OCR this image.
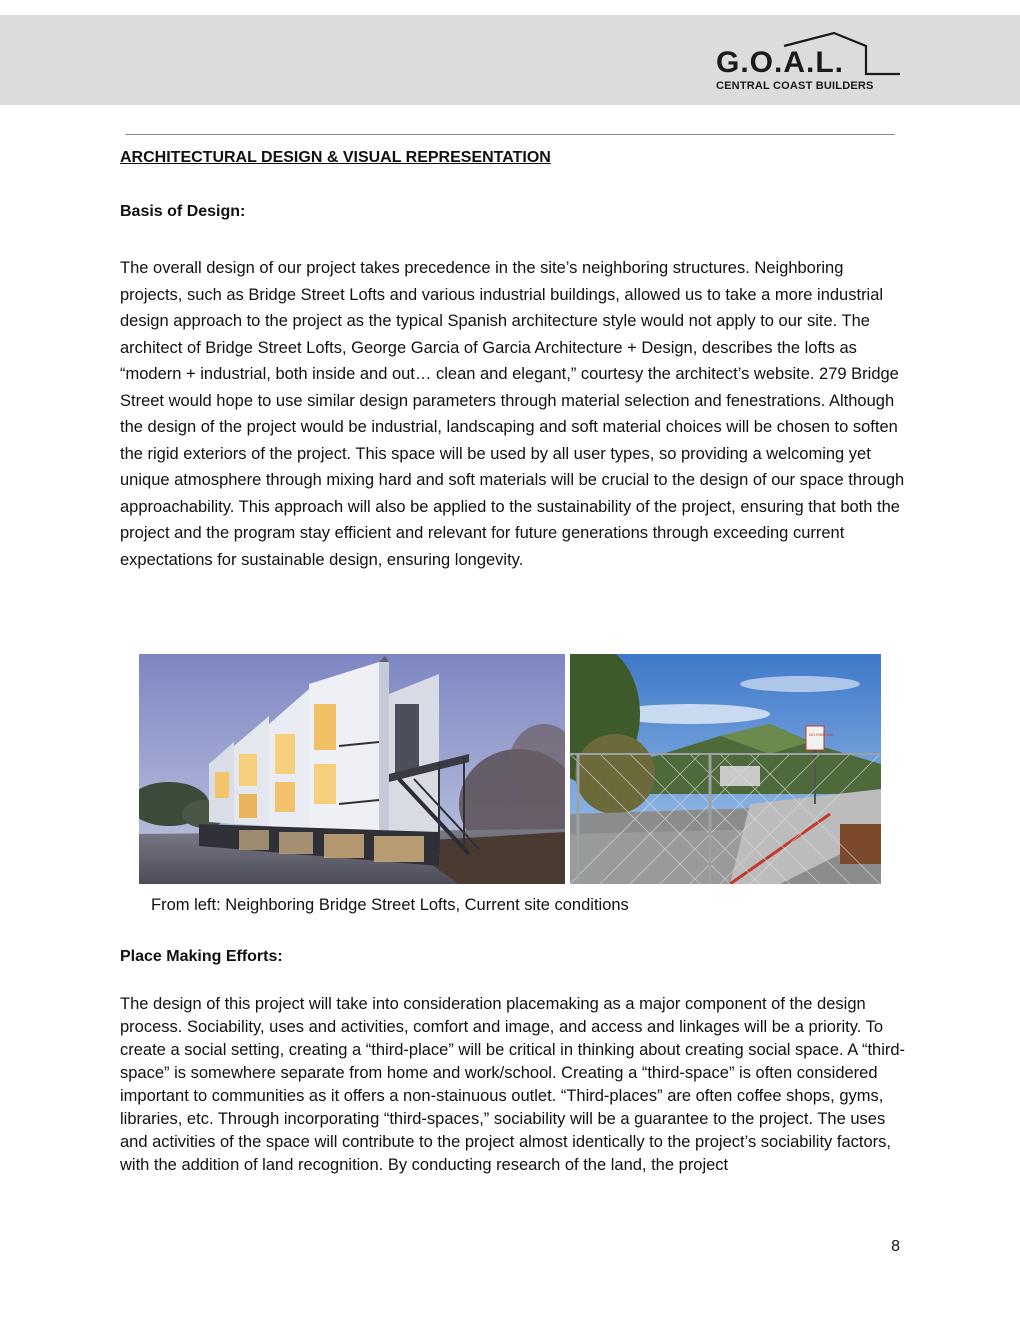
G.O.A.L.
CENTRAL COAST BUILDERS
ARCHITECTURAL DESIGN & VISUAL REPRESENTATION
Basis of Design:

The overall design of our project takes precedence in the site’s neighboring structures. Neighboring projects, such as Bridge Street Lofts and various industrial buildings, allowed us to take a more industrial design approach to the project as the typical Spanish architecture style would not apply to our site. The architect of Bridge Street Lofts, George Garcia of Garcia Architecture + Design, describes the lofts as “modern + industrial, both inside and out… clean and elegant,” courtesy the architect’s website. 279 Bridge Street would hope to use similar design parameters through material selection and fenestrations. Although the design of the project would be industrial, landscaping and soft material choices will be chosen to soften the rigid exteriors of the project. This space will be used by all user types, so providing a welcoming yet unique atmosphere through mixing hard and soft materials will be crucial to the design of our space through approachability. This approach will also be applied to the sustainability of the project, ensuring that both the project and the program stay efficient and relevant for future generations through exceeding current expectations for sustainable design, ensuring longevity.

NO PARKING

From left: Neighboring Bridge Street Lofts, Current site conditions

Place Making Efforts:

The design of this project will take into consideration placemaking as a major component of the design process. Sociability, uses and activities, comfort and image, and access and linkages will be a priority. To create a social setting, creating a “third-place” will be critical in thinking about creating social space. A “third-space” is somewhere separate from home and work/school. Creating a “third-space” is often considered important to communities as it offers a non-stainuous outlet. “Third-places” are often coffee shops, gyms, libraries, etc. Through incorporating “third-spaces,” sociability will be a guarantee to the project. The uses and activities of the space will contribute to the project almost identically to the project’s sociability factors, with the addition of land recognition. By conducting research of the land, the project

8
